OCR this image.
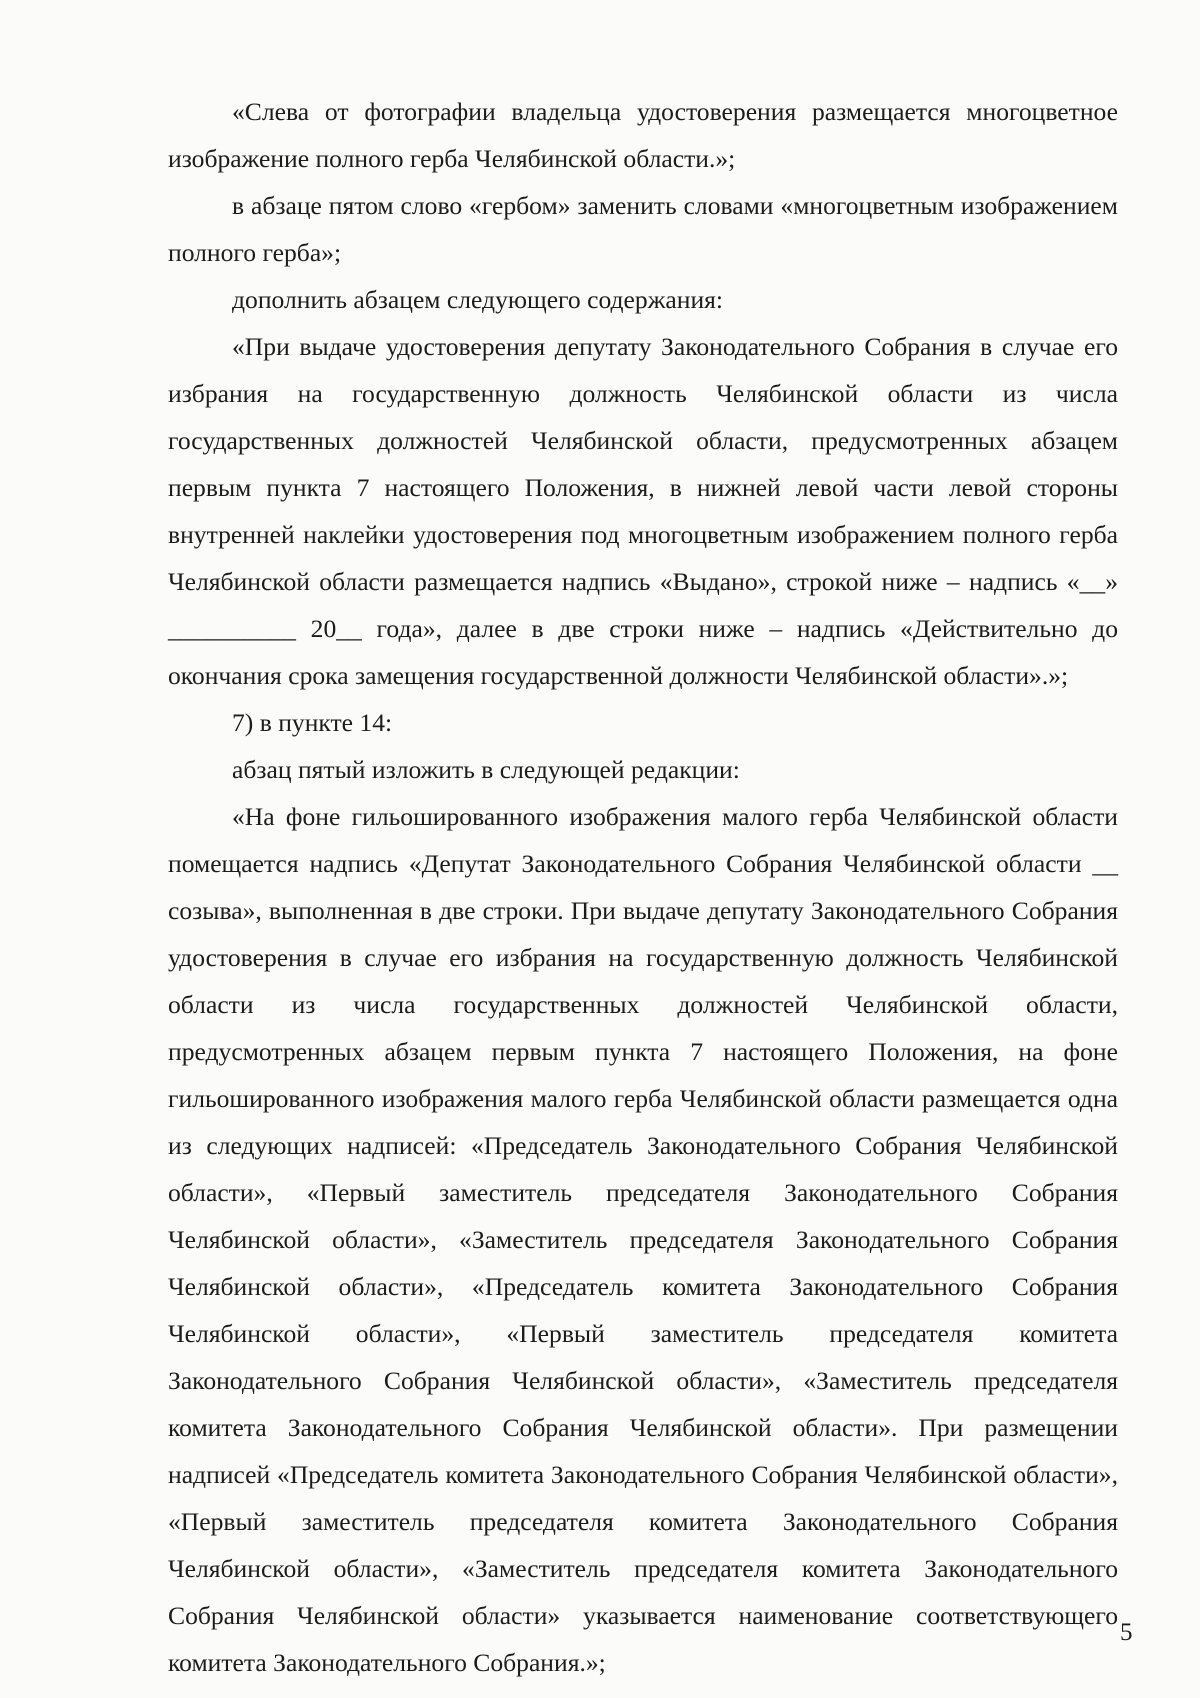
«Слева от фотографии владельца удостоверения размещается многоцветное изображение полного герба Челябинской области.»;

в абзаце пятом слово «гербом» заменить словами «многоцветным изображением полного герба»;

дополнить абзацем следующего содержания:

«При выдаче удостоверения депутату Законодательного Собрания в случае его избрания на государственную должность Челябинской области из числа государственных должностей Челябинской области, предусмотренных абзацем первым пункта 7 настоящего Положения, в нижней левой части левой стороны внутренней наклейки удостоверения под многоцветным изображением полного герба Челябинской области размещается надпись «Выдано», строкой ниже – надпись «__» __________ 20__ года», далее в две строки ниже – надпись «Действительно до окончания срока замещения государственной должности Челябинской области».»;

7) в пункте 14:

абзац пятый изложить в следующей редакции:

«На фоне гильошированного изображения малого герба Челябинской области помещается надпись «Депутат Законодательного Собрания Челябинской области __ созыва», выполненная в две строки. При выдаче депутату Законодательного Собрания удостоверения в случае его избрания на государственную должность Челябинской области из числа государственных должностей Челябинской области, предусмотренных абзацем первым пункта 7 настоящего Положения, на фоне гильошированного изображения малого герба Челябинской области размещается одна из следующих надписей: «Председатель Законодательного Собрания Челябинской области», «Первый заместитель председателя Законодательного Собрания Челябинской области», «Заместитель председателя Законодательного Собрания Челябинской области», «Председатель комитета Законодательного Собрания Челябинской области», «Первый заместитель председателя комитета Законодательного Собрания Челябинской области», «Заместитель председателя комитета Законодательного Собрания Челябинской области». При размещении надписей «Председатель комитета Законодательного Собрания Челябинской области», «Первый заместитель председателя комитета Законодательного Собрания Челябинской области», «Заместитель председателя комитета Законодательного Собрания Челябинской области» указывается наименование соответствующего комитета Законодательного Собрания.»;

5
